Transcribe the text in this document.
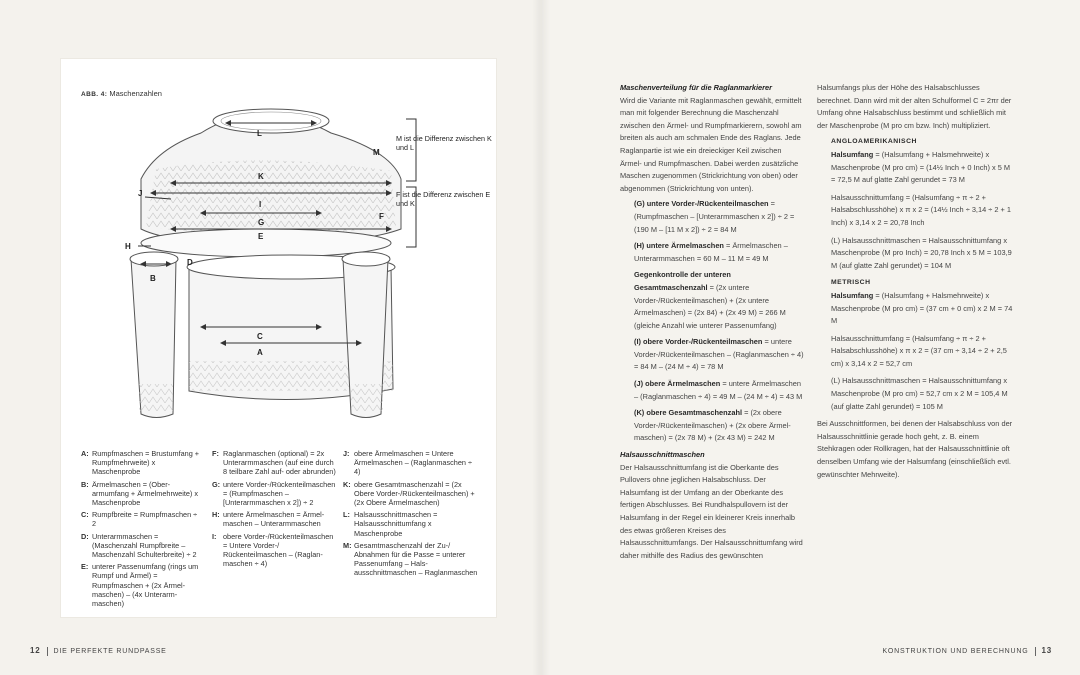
ABB. 4: Maschenzahlen
L
M
K
J
I
F
G
E
H
B
C
A
D
M ist die Differenz zwischen K und L
F ist die Differenz zwischen E und K
A: Rumpfmaschen = Brustumfang + Rumpfmehrweite) x Maschenprobe
B: Ärmelmaschen = (Oberarmumfang + Ärmelmehrweite) x Maschenprobe
C: Rumpfbreite = Rumpfmaschen ÷ 2
D: Unterarmmaschen = (Maschenzahl Rumpfbreite – Maschenzahl Schulterbreite) ÷ 2
E: unterer Passenumfang (rings um Rumpf und Ärmel) = Rumpfmaschen + (2x Ärmelmaschen) – (4x Unterarmmaschen)
F: Raglanmaschen (optional) = 2x Unterarmmaschen (auf eine durch 8 teilbare Zahl auf- oder abrunden)
G: untere Vorder-/Rückenteilmaschen = (Rumpfmaschen – [Unterarmmaschen x 2]) ÷ 2
H: untere Ärmelmaschen = Ärmelmaschen – Unterarmmaschen
I: obere Vorder-/Rückenteilmaschen = Untere Vorder-/ Rückenteilmaschen – (Raglanmaschen ÷ 4)
J: obere Ärmelmaschen = Untere Ärmelmaschen – (Raglanmaschen ÷ 4)
K: obere Gesamtmaschenzahl = (2x Obere Vorder-/Rückenteilmaschen) + (2x Obere Ärmelmaschen)
L: Halsausschnittmaschen = Halsausschnittumfang x Maschenprobe
M: Gesamtmaschenzahl der Zu-/ Abnahmen für die Passe = unterer Passenumfang – Halsausschnittmaschen – Raglanmaschen
Maschenverteilung für die Raglanmarkierer
Wird die Variante mit Raglanmaschen gewählt, ermittelt man mit folgender Berechnung die Maschenzahl zwischen den Ärmel- und Rumpfmarkierern, sowohl am breiten als auch am schmalen Ende des Raglans. Jede Raglanpartie ist wie ein dreieckiger Keil zwischen Ärmel- und Rumpfmaschen. Dabei werden zusätzliche Maschen zugenommen (Strickrichtung von oben) oder abgenommen (Strickrichtung von unten).
(G) untere Vorder-/Rückenteilmaschen = (Rumpfmaschen – [Unterarmmaschen x 2]) ÷ 2 = (190 M – [11 M x 2]) ÷ 2 = 84 M
(H) untere Ärmelmaschen = Ärmelmaschen – Unterarmmaschen = 60 M – 11 M = 49 M
Gegenkontrolle der unteren Gesamtmaschenzahl = (2x untere Vorder-/Rückenteilmaschen) + (2x untere Ärmelmaschen) = (2x 84) + (2x 49 M) = 266 M (gleiche Anzahl wie unterer Passenumfang)
(I) obere Vorder-/Rückenteilmaschen = untere Vorder-/Rückenteilmaschen – (Raglanmaschen ÷ 4) = 84 M – (24 M ÷ 4) = 78 M
(J) obere Ärmelmaschen = untere Ärmelmaschen – (Raglanmaschen ÷ 4) = 49 M – (24 M ÷ 4) = 43 M
(K) obere Gesamtmaschenzahl = (2x obere Vorder-/Rückenteilmaschen) + (2x obere Ärmelmaschen) = (2x 78 M) + (2x 43 M) = 242 M
Halsausschnittmaschen
Der Halsausschnittumfang ist die Oberkante des Pullovers ohne jeglichen Halsabschluss. Der Halsumfang ist der Umfang an der Oberkante des fertigen Abschlusses. Bei Rundhalspullovern ist der Halsumfang in der Regel ein kleinerer Kreis innerhalb des etwas größeren Kreises des Halsausschnittumfangs. Der Halsausschnittumfang wird daher mithilfe des Radius des gewünschten
Halsumfangs plus der Höhe des Halsabschlusses berechnet. Dann wird mit der alten Schulformel C = 2πr der Umfang ohne Halsabschluss bestimmt und schließlich mit der Maschenprobe (M pro cm bzw. Inch) multipliziert.
ANGLOAMERIKANISCH
Halsumfang = (Halsumfang + Halsmehrweite) x Maschenprobe (M pro cm) = (14½ Inch + 0 Inch) x 5 M = 72,5 M auf glatte Zahl gerundet = 73 M
Halsausschnittumfang = (Halsumfang ÷ π ÷ 2 + Halsabschlusshöhe) x π x 2 = (14½ Inch ÷ 3,14 ÷ 2 + 1 Inch) x 3,14 x 2 = 20,78 Inch
(L) Halsausschnittmaschen = Halsausschnittumfang x Maschenprobe (M pro Inch) = 20,78 Inch x 5 M = 103,9 M (auf glatte Zahl gerundet) = 104 M
METRISCH
Halsumfang = (Halsumfang + Halsmehrweite) x Maschenprobe (M pro cm) = (37 cm + 0 cm) x 2 M = 74 M
Halsausschnittumfang = (Halsumfang ÷ π ÷ 2 + Halsabschlusshöhe) x π x 2 = (37 cm ÷ 3,14 ÷ 2 + 2,5 cm) x 3,14 x 2 = 52,7 cm
(L) Halsausschnittmaschen = Halsausschnittumfang x Maschenprobe (M pro cm) = 52,7 cm x 2 M = 105,4 M (auf glatte Zahl gerundet) = 105 M
Bei Ausschnittformen, bei denen der Halsabschluss von der Halsausschnittlinie gerade hoch geht, z. B. einem Stehkragen oder Rollkragen, hat der Halsausschnittlinie oft denselben Umfang wie der Halsumfang (einschließlich evtl. gewünschter Mehrweite).
12 DIE PERFEKTE RUNDPASSE	KONSTRUKTION UND BERECHNUNG 13
